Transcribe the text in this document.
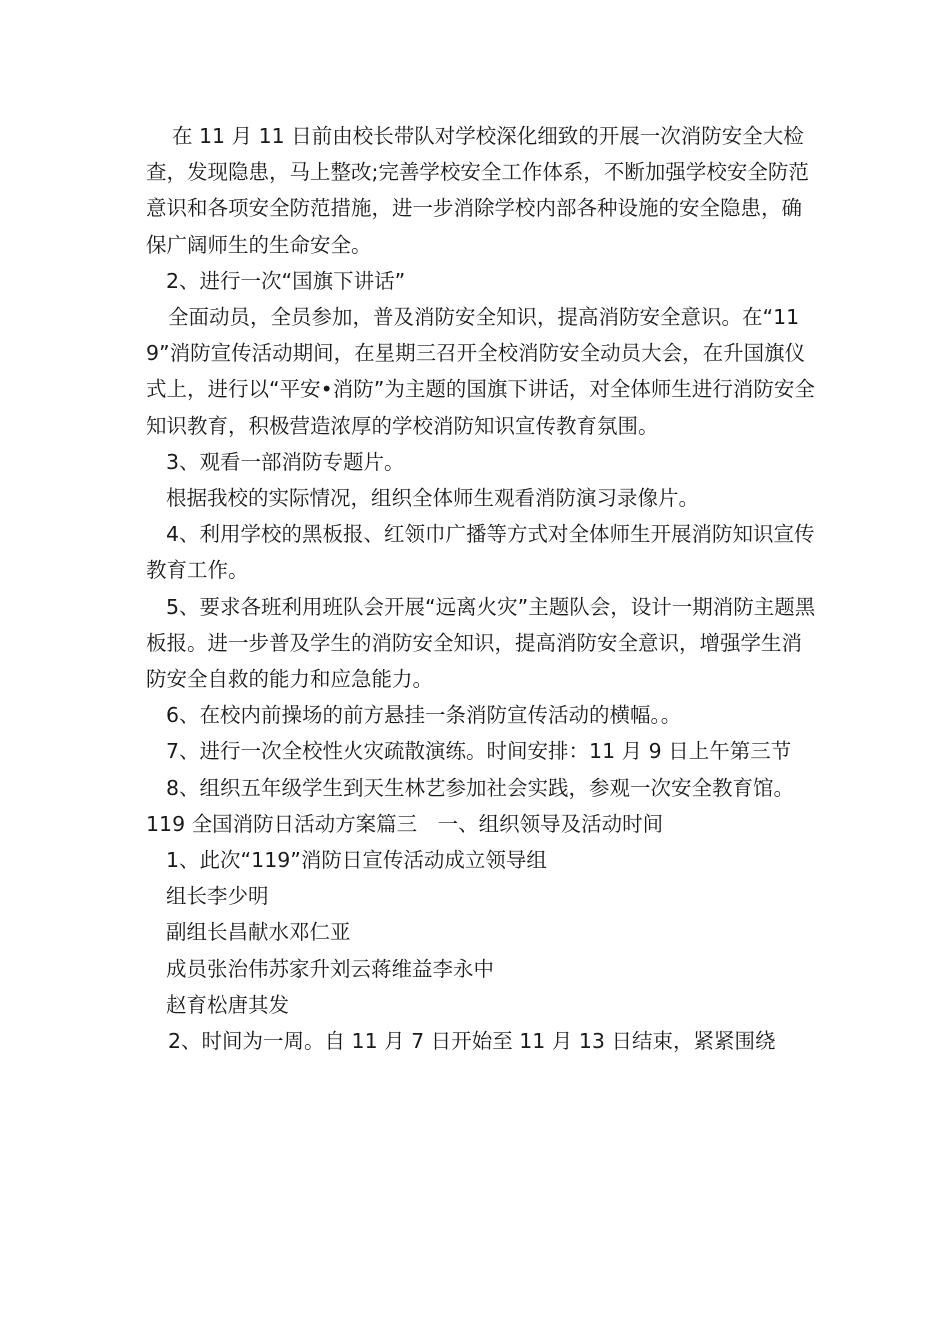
在 11 月 11 日前由校长带队对学校深化细致的开展一次消防安全大检查，发现隐患，马上整改;完善学校安全工作体系，不断加强学校安全防范意识和各项安全防范措施，进一步消除学校内部各种设施的安全隐患，确保广阔师生的生命安全。

2、进行一次“国旗下讲话”

全面动员，全员参加，普及消防安全知识，提高消防安全意识。在“119”消防宣传活动期间，在星期三召开全校消防安全动员大会，在升国旗仪式上，进行以“平安•消防”为主题的国旗下讲话，对全体师生进行消防安全知识教育，积极营造浓厚的学校消防知识宣传教育氛围。

3、观看一部消防专题片。

根据我校的实际情况，组织全体师生观看消防演习录像片。

4、利用学校的黑板报、红领巾广播等方式对全体师生开展消防知识宣传教育工作。

5、要求各班利用班队会开展“远离火灾”主题队会，设计一期消防主题黑板报。进一步普及学生的消防安全知识，提高消防安全意识，增强学生消防安全自救的能力和应急能力。

6、在校内前操场的前方悬挂一条消防宣传活动的横幅。。

7、进行一次全校性火灾疏散演练。时间安排：11 月 9 日上午第三节

8、组织五年级学生到天生林艺参加社会实践，参观一次安全教育馆。

119 全国消防日活动方案篇三　一、组织领导及活动时间

1、此次“119”消防日宣传活动成立领导组

组长李少明

副组长昌献水邓仁亚

成员张治伟苏家升刘云蒋维益李永中

赵育松唐其发

2、时间为一周。自 11 月 7 日开始至 11 月 13 日结束，紧紧围绕
